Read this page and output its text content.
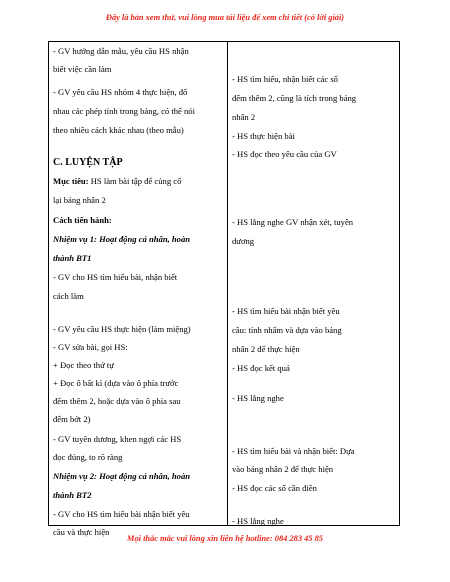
Đây là bản xem thử, vui lòng mua tài liệu để xem chi tiết (có lời giải)
- GV hướng dẫn mẫu, yêu cầu HS nhận
biết việc cần làm
- GV yêu cầu HS nhóm 4 thực hiện, đố
nhau các phép tính trong bảng, có thể nói
theo nhiều cách khác nhau (theo mẫu)
C. LUYỆN TẬP
Mục tiêu: HS làm bài tập để củng cố
lại bảng nhân 2
Cách tiến hành:
Nhiệm vụ 1: Hoạt động cá nhân, hoàn
thành BT1
- GV cho HS tìm hiểu bài, nhận biết
cách làm
- GV yêu cầu HS thực hiện (làm miệng)
- GV sửa bài, gọi HS:
+ Đọc theo thứ tự
+ Đọc ô bất kì (dựa vào ô phía trước
đếm thêm 2, hoặc dựa vào ô phía sau
đếm bớt 2)
- GV tuyên dương, khen ngợi các HS
đọc đúng, to rõ ràng
Nhiệm vụ 2: Hoạt động cá nhân, hoàn
thành BT2
- GV cho HS tìm hiểu bài nhận biết yêu
cầu và thực hiện
- HS tìm hiểu, nhận biết các số
đếm thêm 2, cũng là tích trong bảng
nhân 2
- HS thực hiện bài
- HS đọc theo yêu cầu của GV
- HS lắng nghe GV nhận xét, tuyên
dương
- HS tìm hiểu bài nhận biết yêu
cầu: tính nhẩm và dựa vào bảng
nhân 2 để thực hiện
- HS đọc kết quả
- HS lắng nghe
- HS tìm hiểu bài và nhận biết: Dựa
vào bảng nhân 2 để thực hiện
- HS đọc các số cần điền
- HS lắng nghe
Mọi thắc mắc vui lòng xin liên hệ hotline: 084 283 45 85
